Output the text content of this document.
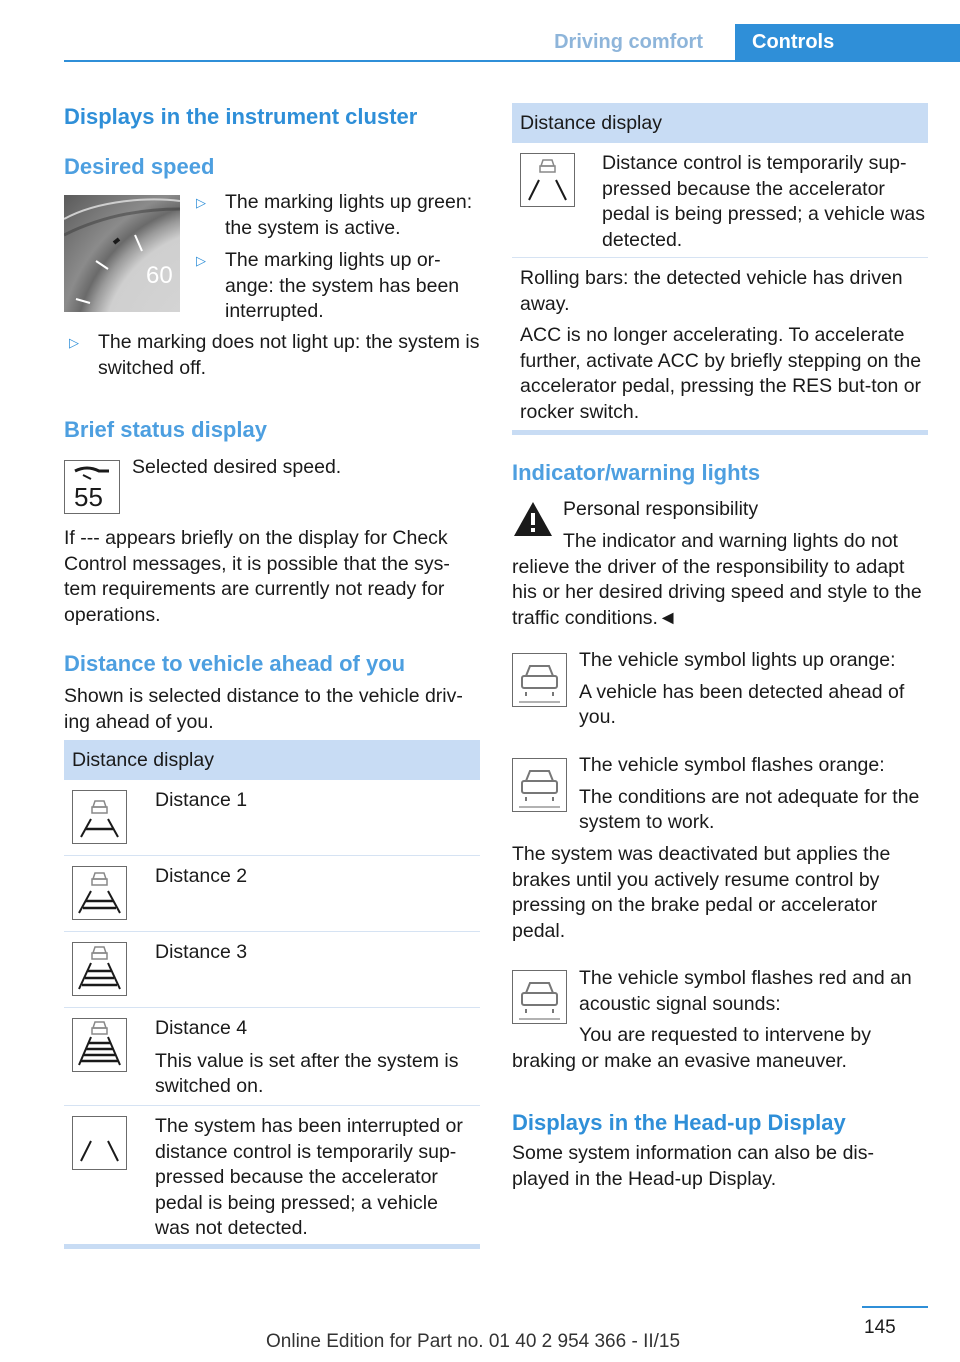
Driving comfort	Controls
Displays in the instrument cluster
Desired speed
60
▷ The marking lights up green: the system is active.
▷ The marking lights up or-ange: the system has been interrupted.
▷ The marking does not light up: the system is switched off.
Brief status display
55
Selected desired speed.

If --- appears briefly on the display for Check Control messages, it is possible that the sys-tem requirements are currently not ready for operations.

Distance to vehicle ahead of you

Shown is selected distance to the vehicle driv-ing ahead of you.

Distance display
Distance 1
Distance 2
Distance 3
Distance 4
This value is set after the system is switched on.
The system has been interrupted or distance control is temporarily sup-pressed because the accelerator pedal is being pressed; a vehicle was not detected.
Distance display
Distance control is temporarily sup-pressed because the accelerator pedal is being pressed; a vehicle was detected.
Rolling bars: the detected vehicle has driven away.
ACC is no longer accelerating. To accelerate further, activate ACC by briefly stepping on the accelerator pedal, pressing the RES but-ton or rocker switch.
Indicator/warning lights
Personal responsibility

The indicator and warning lights do not relieve the driver of the responsibility to adapt his or her desired driving speed and style to the traffic conditions.◄

The vehicle symbol lights up orange:
A vehicle has been detected ahead of you.
The vehicle symbol flashes orange:
The conditions are not adequate for the system to work.

The system was deactivated but applies the brakes until you actively resume control by pressing on the brake pedal or accelerator pedal.

The vehicle symbol flashes red and an acoustic signal sounds:

You are requested to intervene by braking or make an evasive maneuver.

Displays in the Head-up Display

Some system information can also be dis-played in the Head-up Display.

145
Online Edition for Part no. 01 40 2 954 366 - II/15
